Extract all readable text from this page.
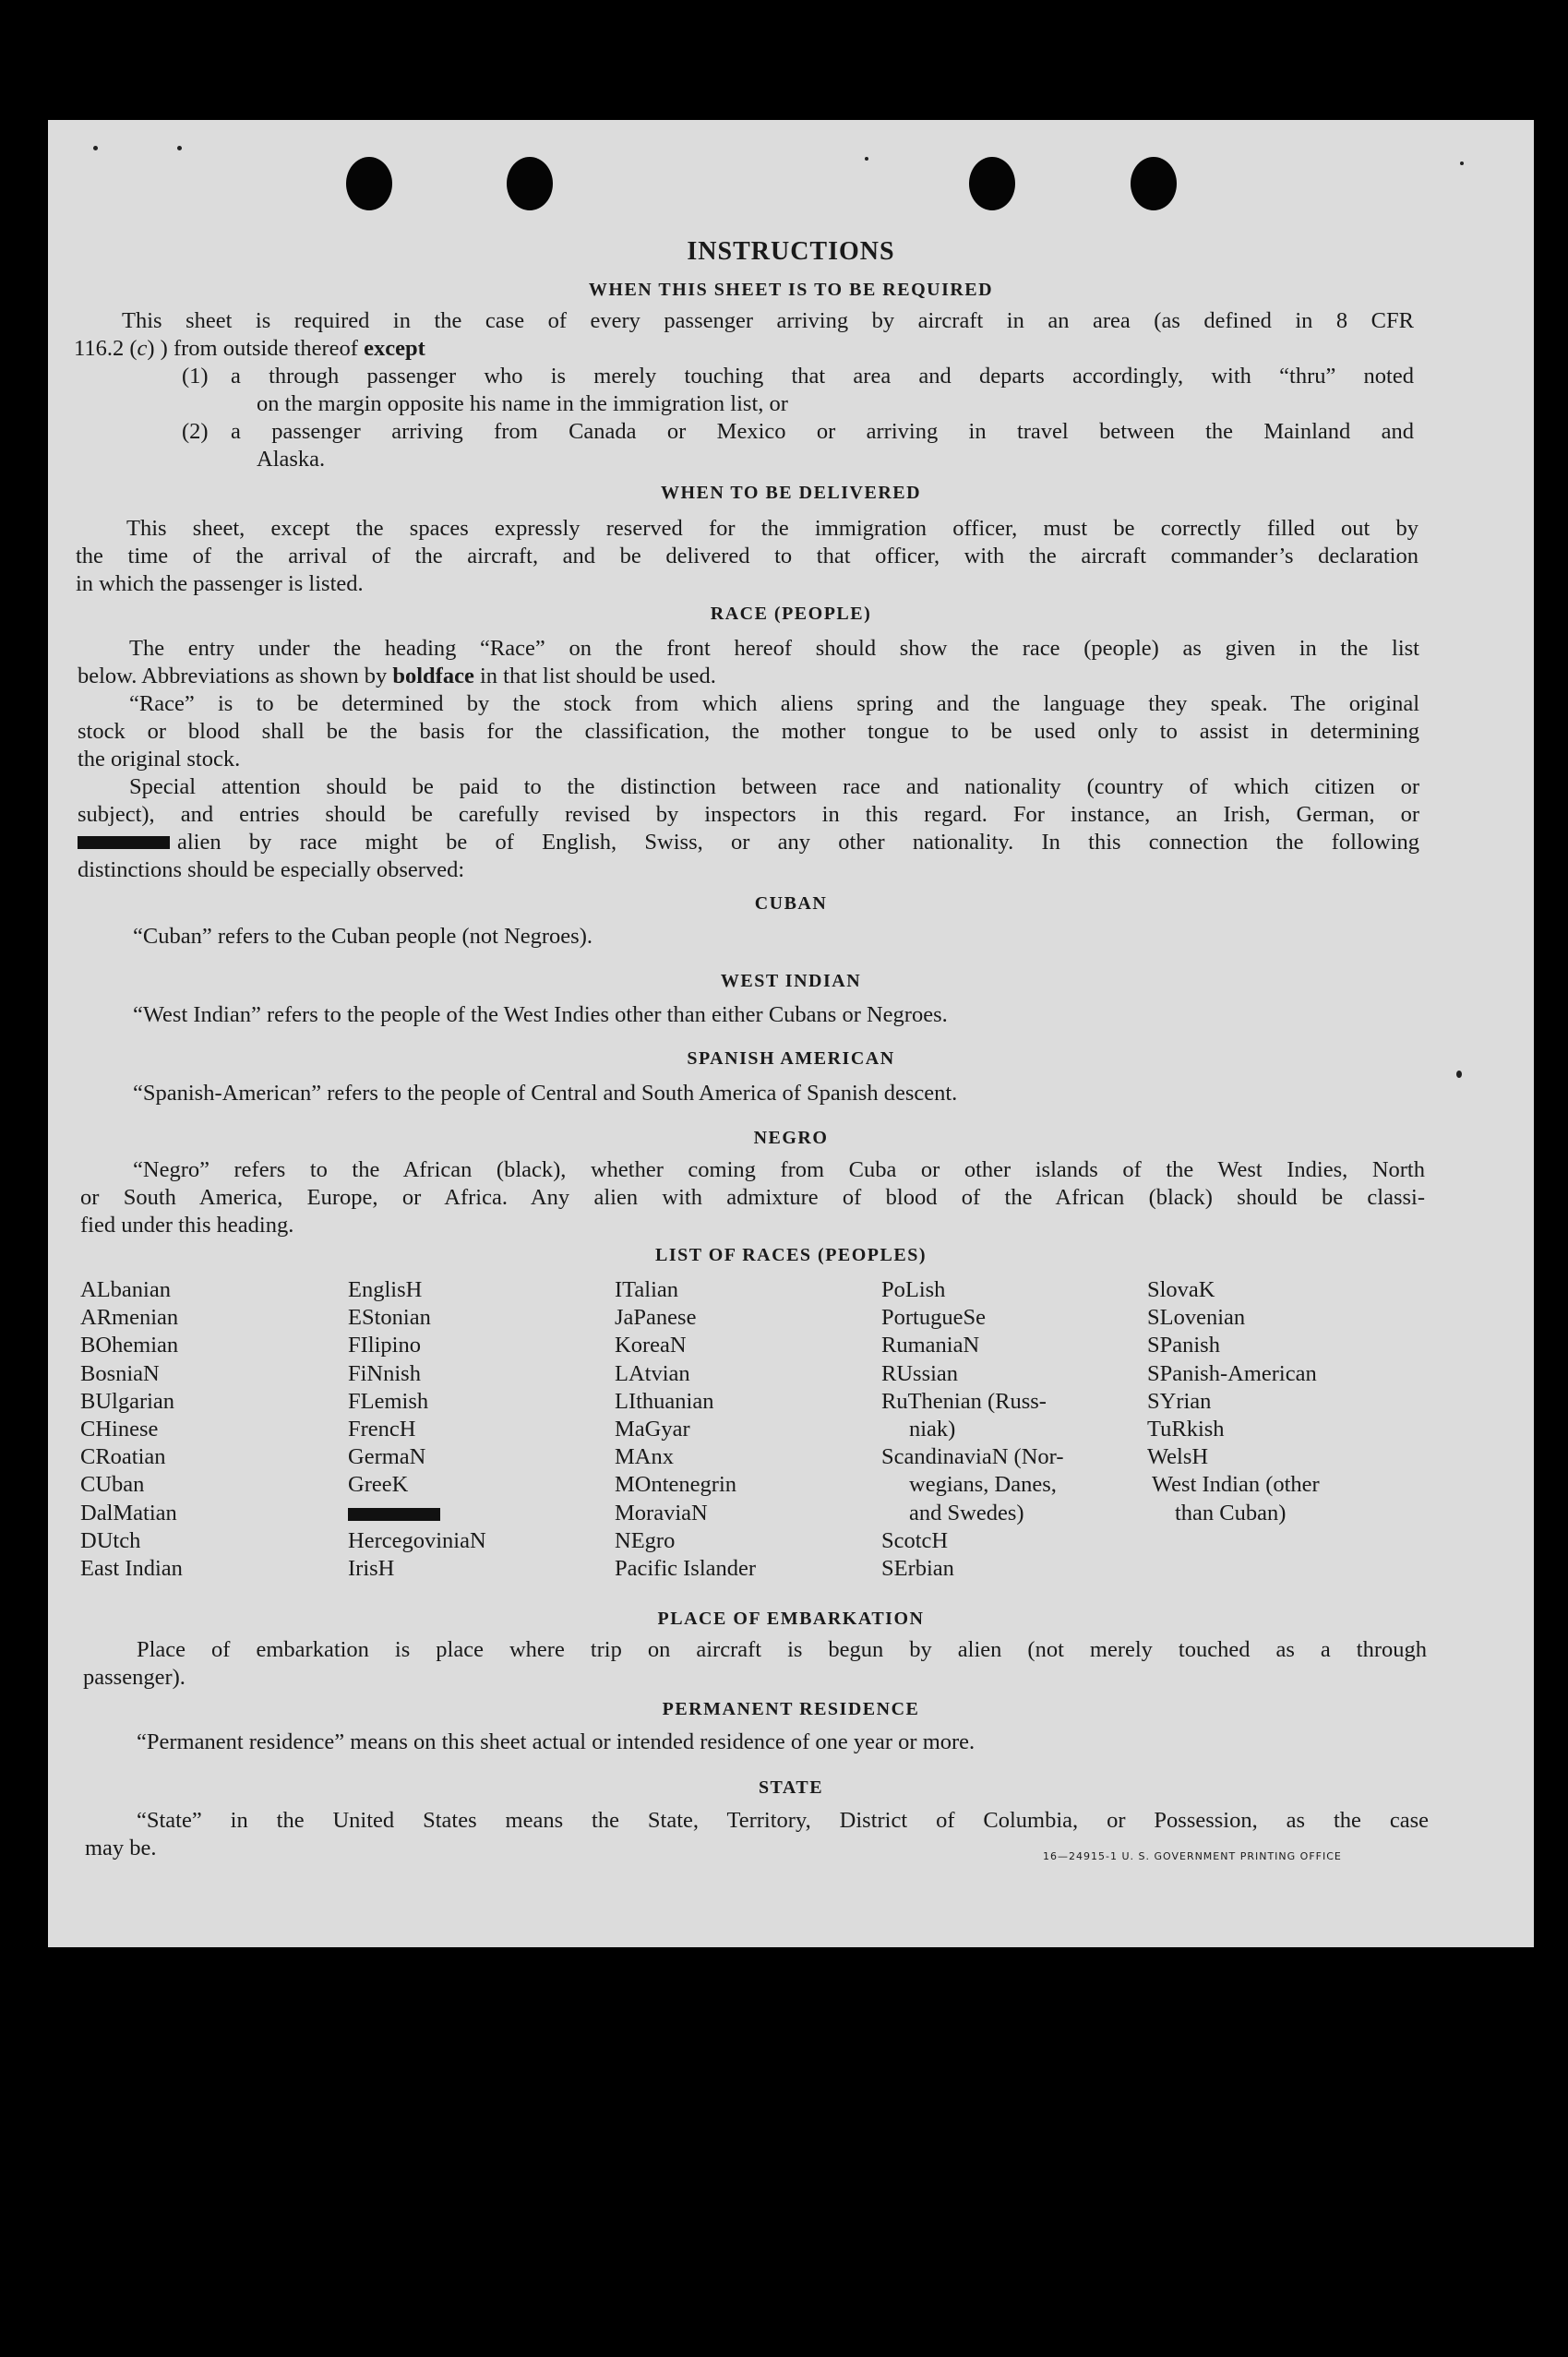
INSTRUCTIONS
WHEN THIS SHEET IS TO BE REQUIRED
This sheet is required in the case of every passenger arriving by aircraft in an area (as defined in 8 CFR
116.2 (c) ) from outside thereof except
(1) a through passenger who is merely touching that area and departs accordingly, with “thru” noted
on the margin opposite his name in the immigration list, or
(2) a passenger arriving from Canada or Mexico or arriving in travel between the Mainland and
Alaska.
WHEN TO BE DELIVERED
This sheet, except the spaces expressly reserved for the immigration officer, must be correctly filled out by
the time of the arrival of the aircraft, and be delivered to that officer, with the aircraft commander’s declaration
in which the passenger is listed.
RACE (PEOPLE)
The entry under the heading “Race” on the front hereof should show the race (people) as given in the list
below. Abbreviations as shown by boldface in that list should be used.
“Race” is to be determined by the stock from which aliens spring and the language they speak. The original
stock or blood shall be the basis for the classification, the mother tongue to be used only to assist in determining
the original stock.
Special attention should be paid to the distinction between race and nationality (country of which citizen or
subject), and entries should be carefully revised by inspectors in this regard. For instance, an Irish, German, or
alien by race might be of English, Swiss, or any other nationality. In this connection the following
distinctions should be especially observed:
CUBAN
“Cuban” refers to the Cuban people (not Negroes).
WEST INDIAN
“West Indian” refers to the people of the West Indies other than either Cubans or Negroes.
SPANISH AMERICAN
“Spanish-American” refers to the people of Central and South America of Spanish descent.
NEGRO
“Negro” refers to the African (black), whether coming from Cuba or other islands of the West Indies, North
or South America, Europe, or Africa. Any alien with admixture of blood of the African (black) should be classi-
fied under this heading.
LIST OF RACES (PEOPLES)
ALbanian
ARmenian
BOhemian
BosniaN
BUlgarian
CHinese
CRoatian
CUban
DalMatian
DUtch
East Indian
EnglisH
EStonian
FIlipino
FiNnish
FLemish
FrencH
GermaN
GreeK
HercegoviniaN
IrisH
ITalian
JaPanese
KoreaN
LAtvian
LIthuanian
MaGyar
MAnx
MOntenegrin
MoraviaN
NEgro
Pacific Islander
PoLish
PortugueSe
RumaniaN
RUssian
RuThenian (Russ-
niak)
ScandinaviaN (Nor-
wegians, Danes,
and Swedes)
ScotcH
SErbian
SlovaK
SLovenian
SPanish
SPanish-American
SYrian
TuRkish
WelsH
West Indian (other
than Cuban)
PLACE OF EMBARKATION
Place of embarkation is place where trip on aircraft is begun by alien (not merely touched as a through
passenger).
PERMANENT RESIDENCE
“Permanent residence” means on this sheet actual or intended residence of one year or more.
STATE
“State” in the United States means the State, Territory, District of Columbia, or Possession, as the case
may be.	16—24915-1 U. S. GOVERNMENT PRINTING OFFICE
